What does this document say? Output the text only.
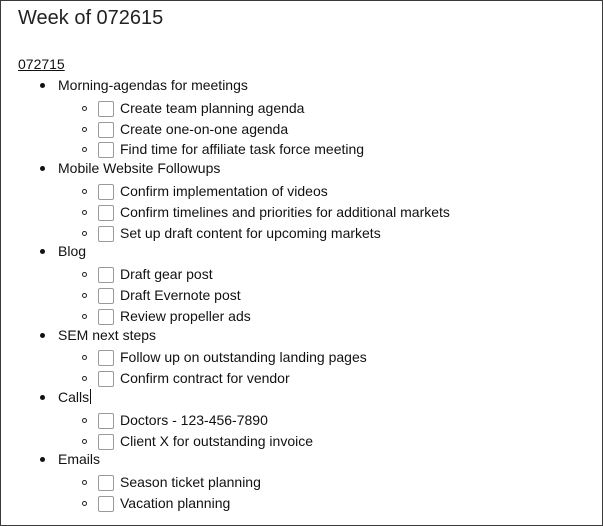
Week of 072615
072715
Morning-agendas for meetings
Create team planning agenda
Create one-on-one agenda
Find time for affiliate task force meeting
Mobile Website Followups
Confirm implementation of videos
Confirm timelines and priorities for additional markets
Set up draft content for upcoming markets
Blog
Draft gear post
Draft Evernote post
Review propeller ads
SEM next steps
Follow up on outstanding landing pages
Confirm contract for vendor
Calls
Doctors - 123-456-7890
Client X for outstanding invoice
Emails
Season ticket planning
Vacation planning
